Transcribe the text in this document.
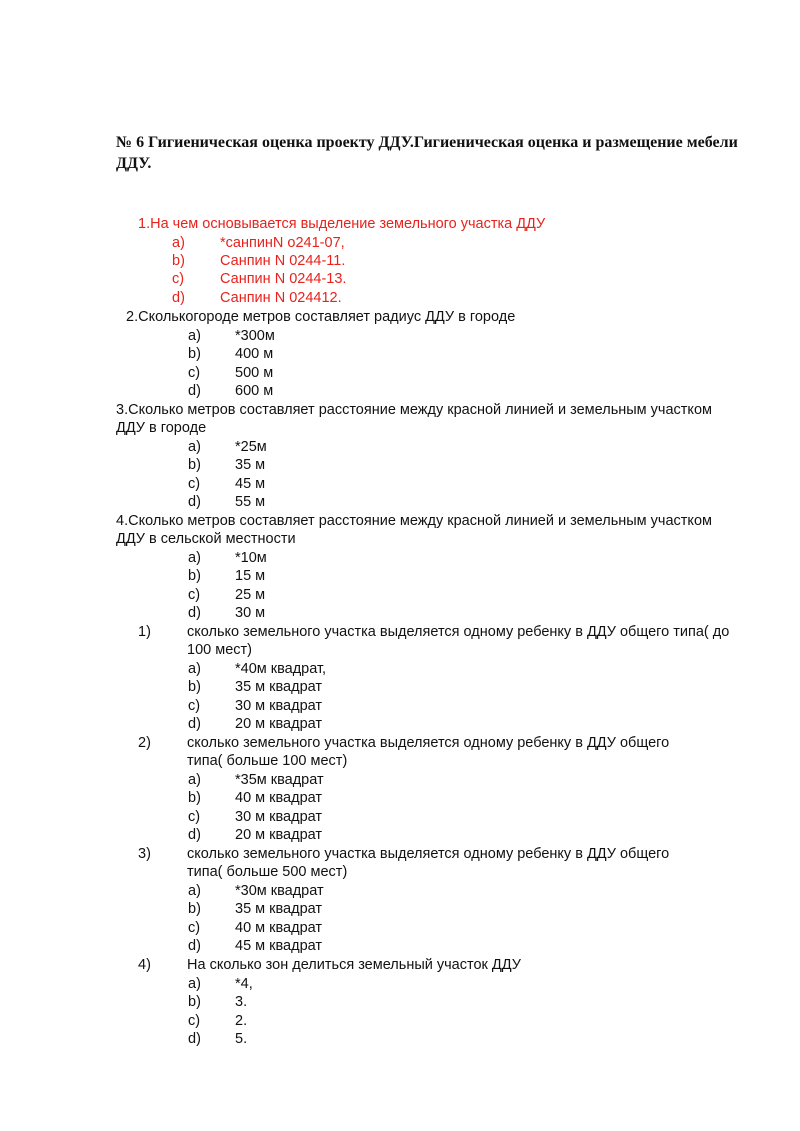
№ 6 Гигиеническая оценка проекту ДДУ.Гигиеническая оценка и размещение мебели ДДУ.
1.На чем основывается выделение земельного участка ДДУ
a) *санпинN o241-07,
b) Санпин N 0244-11.
c) Санпин N 0244-13.
d) Санпин N 024412.
2.Сколькогороде метров составляет радиус ДДУ в городе
a) *300м
b) 400 м
c) 500 м
d) 600 м
3.Сколько метров составляет расстояние между красной линией и земельным участком
ДДУ в городе
a) *25м
b) 35 м
c) 45 м
d) 55 м
4.Сколько метров составляет расстояние между красной линией и земельным участком
ДДУ в сельской местности
a) *10м
b) 15 м
c) 25 м
d) 30 м
1) сколько земельного участка выделяется одному ребенку в ДДУ общего типа( до
100 мест)
a) *40м квадрат,
b) 35 м квадрат
c) 30 м квадрат
d) 20 м квадрат
2) сколько земельного участка выделяется одному ребенку в ДДУ общего
типа( больше 100 мест)
a) *35м квадрат
b) 40 м квадрат
c) 30 м квадрат
d) 20 м квадрат
3) сколько земельного участка выделяется одному ребенку в ДДУ общего
типа( больше 500 мест)
a) *30м квадрат
b) 35 м квадрат
c) 40 м квадрат
d) 45 м квадрат
4) На сколько зон делиться земельный участок ДДУ
a) *4,
b) 3.
c) 2.
d) 5.
